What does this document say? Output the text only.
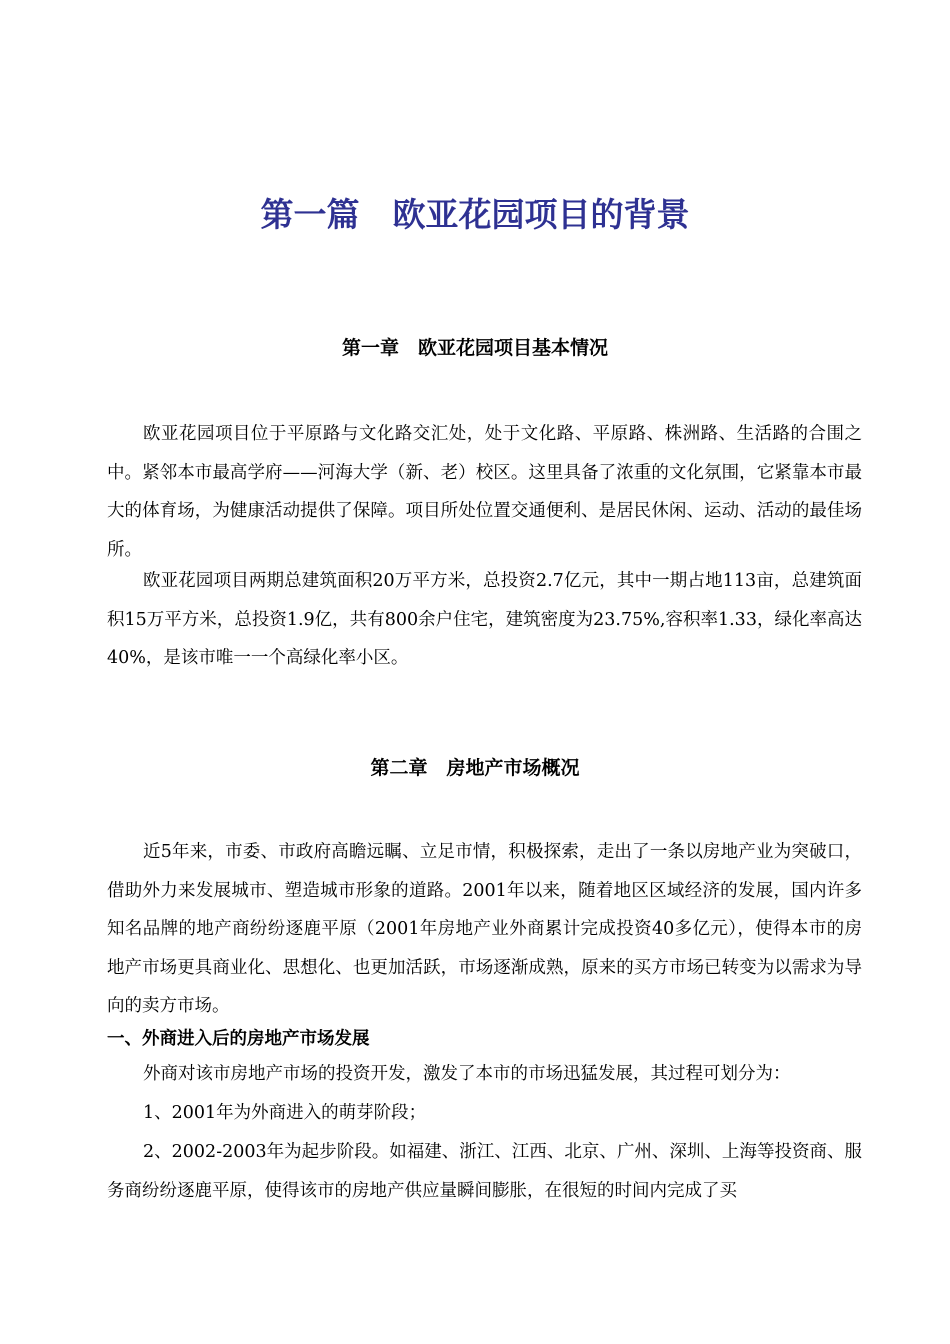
第一篇　欧亚花园项目的背景
第一章　欧亚花园项目基本情况

欧亚花园项目位于平原路与文化路交汇处，处于文化路、平原路、株洲路、生活路的合围之中。紧邻本市最高学府——河海大学（新、老）校区。这里具备了浓重的文化氛围，它紧靠本市最大的体育场，为健康活动提供了保障。项目所处位置交通便利、是居民休闲、运动、活动的最佳场所。

欧亚花园项目两期总建筑面积20万平方米，总投资2.7亿元，其中一期占地113亩，总建筑面积15万平方米，总投资1.9亿，共有800余户住宅，建筑密度为23.75%,容积率1.33，绿化率高达40%，是该市唯一一个高绿化率小区。

第二章　房地产市场概况

近5年来，市委、市政府高瞻远瞩、立足市情，积极探索，走出了一条以房地产业为突破口，借助外力来发展城市、塑造城市形象的道路。2001年以来，随着地区区域经济的发展，国内许多知名品牌的地产商纷纷逐鹿平原（2001年房地产业外商累计完成投资40多亿元），使得本市的房地产市场更具商业化、思想化、也更加活跃，市场逐渐成熟，原来的买方市场已转变为以需求为导向的卖方市场。

一、外商进入后的房地产市场发展

外商对该市房地产市场的投资开发，激发了本市的市场迅猛发展，其过程可划分为：

1、2001年为外商进入的萌芽阶段；

2、2002-2003年为起步阶段。如福建、浙江、江西、北京、广州、深圳、上海等投资商、服务商纷纷逐鹿平原，使得该市的房地产供应量瞬间膨胀，在很短的时间内完成了买
